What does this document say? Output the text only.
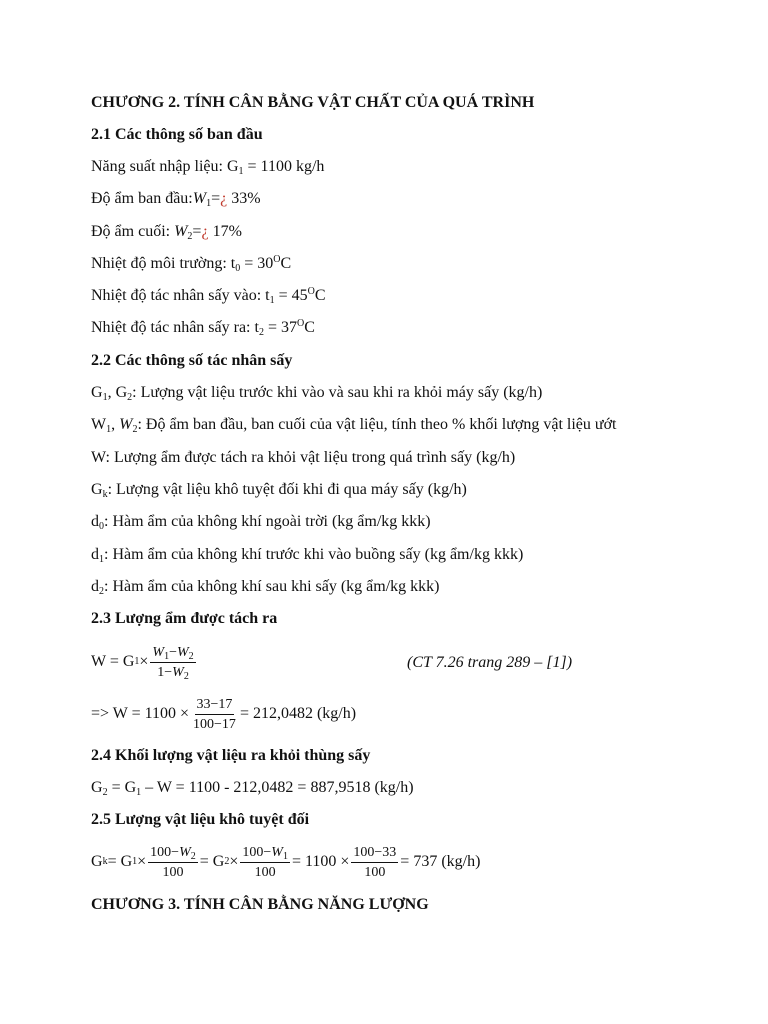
CHƯƠNG 2. TÍNH CÂN BẰNG VẬT CHẤT CỦA QUÁ TRÌNH
2.1 Các thông số ban đầu
Năng suất nhập liệu: $G_1 = 1100$ kg/h
Độ ẩm ban $đầu:W_1=¿$ 33%
Độ ẩm cuối: $W_2=¿$ 17%
Nhiệt độ môi trường: $t_0 = 30^OC$
Nhiệt độ tác nhân sấy vào: $t_1 = 45^OC$
Nhiệt độ tác nhân sấy ra: $t_2 = 37^OC$
2.2 Các thông số tác nhân sấy
$G_1$, $G_2$: Lượng vật liệu trước khi vào và sau khi ra khỏi máy sấy (kg/h)
$W_1$, $W_2$: Độ ẩm ban đầu, ban cuối của vật liệu, tính theo % khối lượng vật liệu ướt
W: Lượng ẩm được tách ra khỏi vật liệu trong quá trình sấy (kg/h)
$G_k$: Lượng vật liệu khô tuyệt đối khi đi qua máy sấy (kg/h)
$d_0$: Hàm ẩm của không khí ngoài trời (kg ẩm/kg kkk)
$d_1$: Hàm ẩm của không khí trước khi vào buồng sấy (kg ẩm/kg kkk)
$d_2$: Hàm ẩm của không khí sau khi sấy (kg ẩm/kg kkk)
2.3 Lượng ẩm được tách ra
W = G $1 \times \frac{W_1-W_2}{1-W_2}$	(CT 7.26 trang 289 – [1])
=> $W = 1100 \times \frac{33-17}{100-17} = 212,0482$ (kg/h)
2.4 Khối lượng vật liệu ra khỏi thùng sấy
$G_2 = G_1 - W = 1100 - 212,0482 = 887,9518$ (kg/h)
2.5 Lượng vật liệu khô tuyệt đối
G k = G $1 \times \frac{100-W_2}{100} = G$ $2 \times \frac{100-W_1}{100} = 1100 \times \frac{100-33}{100} = 737$ (kg/h)
CHƯƠNG 3. TÍNH CÂN BẰNG NĂNG LƯỢNG
